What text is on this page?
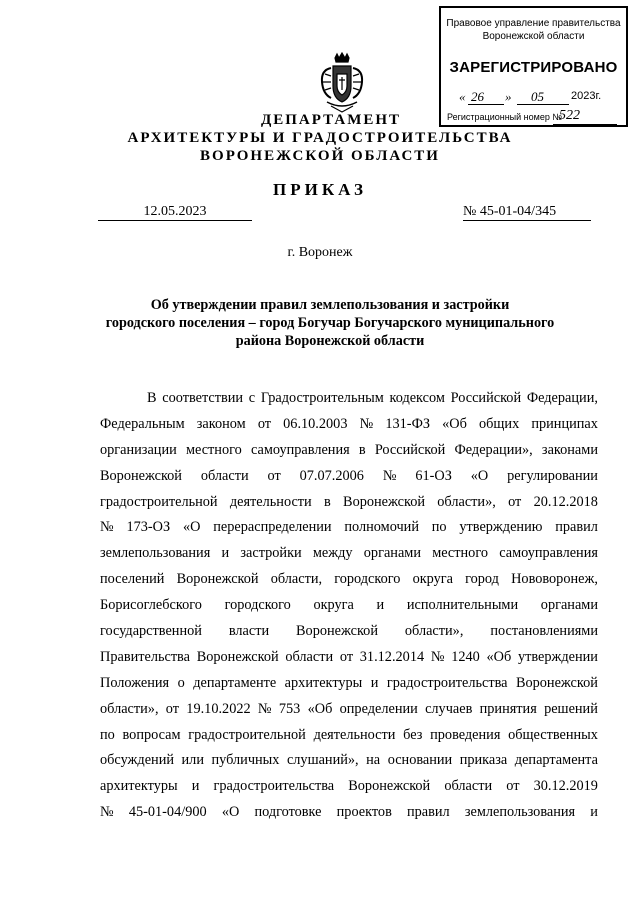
Правовое управление правительства
Воронежской области
ЗАРЕГИСТРИРОВАНО
« 26 » 05 2023г.
Регистрационный номер №
522
ДЕПАРТАМЕНТ
АРХИТЕКТУРЫ И ГРАДОСТРОИТЕЛЬСТВА
ВОРОНЕЖСКОЙ ОБЛАСТИ
ПРИКАЗ
12.05.2023	№ 45-01-04/345
г. Воронеж
Об утверждении правил землепользования и застройки
городского поселения – город Богучар Богучарского муниципального
района Воронежской области
В соответствии с Градостроительным кодексом Российской Федерации,
Федеральным законом от 06.10.2003 № 131-ФЗ «Об общих принципах
организации местного самоуправления в Российской Федерации», законами
Воронежской области от 07.07.2006 № 61-ОЗ «О регулировании
градостроительной деятельности в Воронежской области», от 20.12.2018
№ 173-ОЗ «О перераспределении полномочий по утверждению правил
землепользования и застройки между органами местного самоуправления
поселений Воронежской области, городского округа город Нововоронеж,
Борисоглебского городского округа и исполнительными органами
государственной власти Воронежской области», постановлениями
Правительства Воронежской области от 31.12.2014 № 1240 «Об утверждении
Положения о департаменте архитектуры и градостроительства Воронежской
области», от 19.10.2022 № 753 «Об определении случаев принятия решений
по вопросам градостроительной деятельности без проведения общественных
обсуждений или публичных слушаний», на основании приказа департамента
архитектуры и градостроительства Воронежской области от 30.12.2019
№ 45-01-04/900 «О подготовке проектов правил землепользования и
